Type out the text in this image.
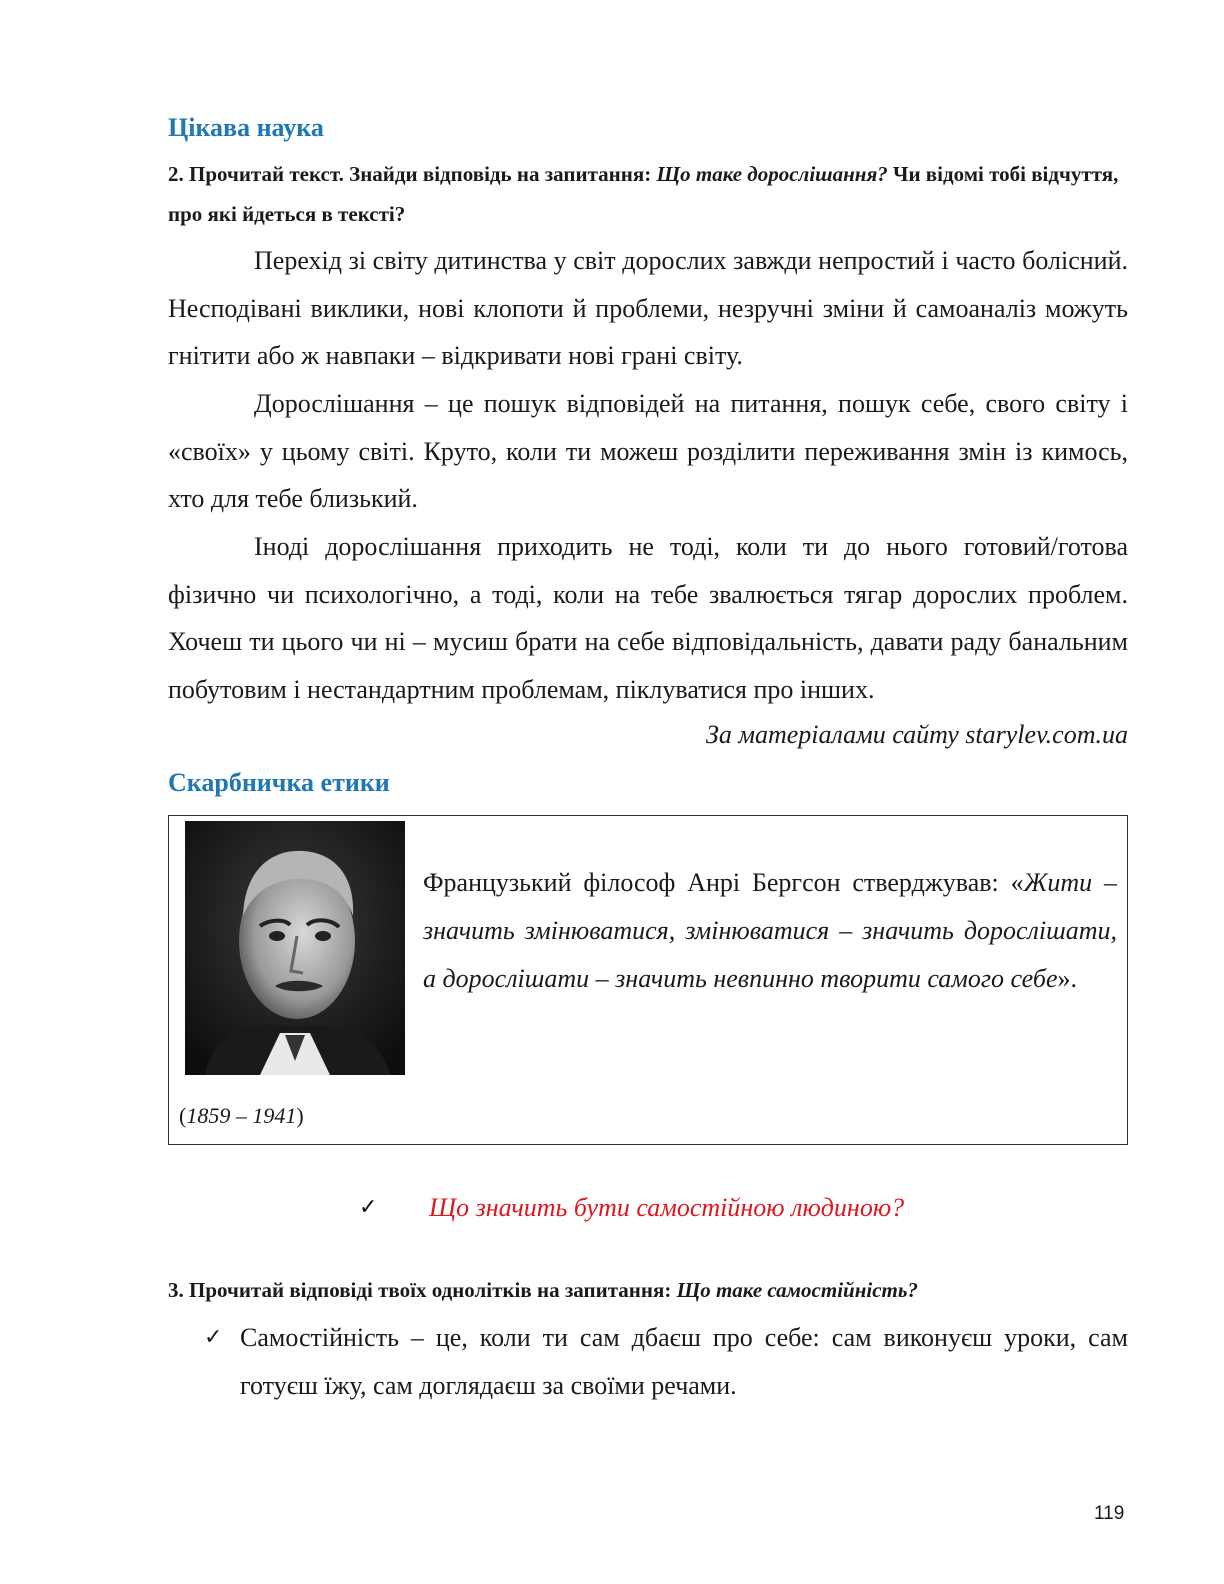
Цікава наука
2. Прочитай текст. Знайди відповідь на запитання: Що таке дорослішання? Чи відомі тобі відчуття, про які йдеться в тексті?
Перехід зі світу дитинства у світ дорослих завжди непростий і часто болісний. Несподівані виклики, нові клопоти й проблеми, незручні зміни й самоаналіз можуть гнітити або ж навпаки – відкривати нові грані світу.
Дорослішання – це пошук відповідей на питання, пошук себе, свого світу і «своїх» у цьому світі. Круто, коли ти можеш розділити переживання змін із кимось, хто для тебе близький.
Іноді дорослішання приходить не тоді, коли ти до нього готовий/готова фізично чи психологічно, а тоді, коли на тебе звалюється тягар дорослих проблем. Хочеш ти цього чи ні – мусиш брати на себе відповідальність, давати раду банальним побутовим і нестандартним проблемам, піклуватися про інших.
За матеріалами сайту starylev.com.ua
Скарбничка етики
Французький філософ Анрі Бергсон стверджував: «Жити – значить змінюватися, змінюватися – значить дорослішати, а дорослішати – значить невпинно творити самого себе».
(1859 – 1941)
✓ Що значить бути самостійною людиною?
3. Прочитай відповіді твоїх однолітків на запитання: Що таке самостійність?
✓ Самостійність – це, коли ти сам дбаєш про себе: сам виконуєш уроки, сам готуєш їжу, сам доглядаєш за своїми речами.
119
